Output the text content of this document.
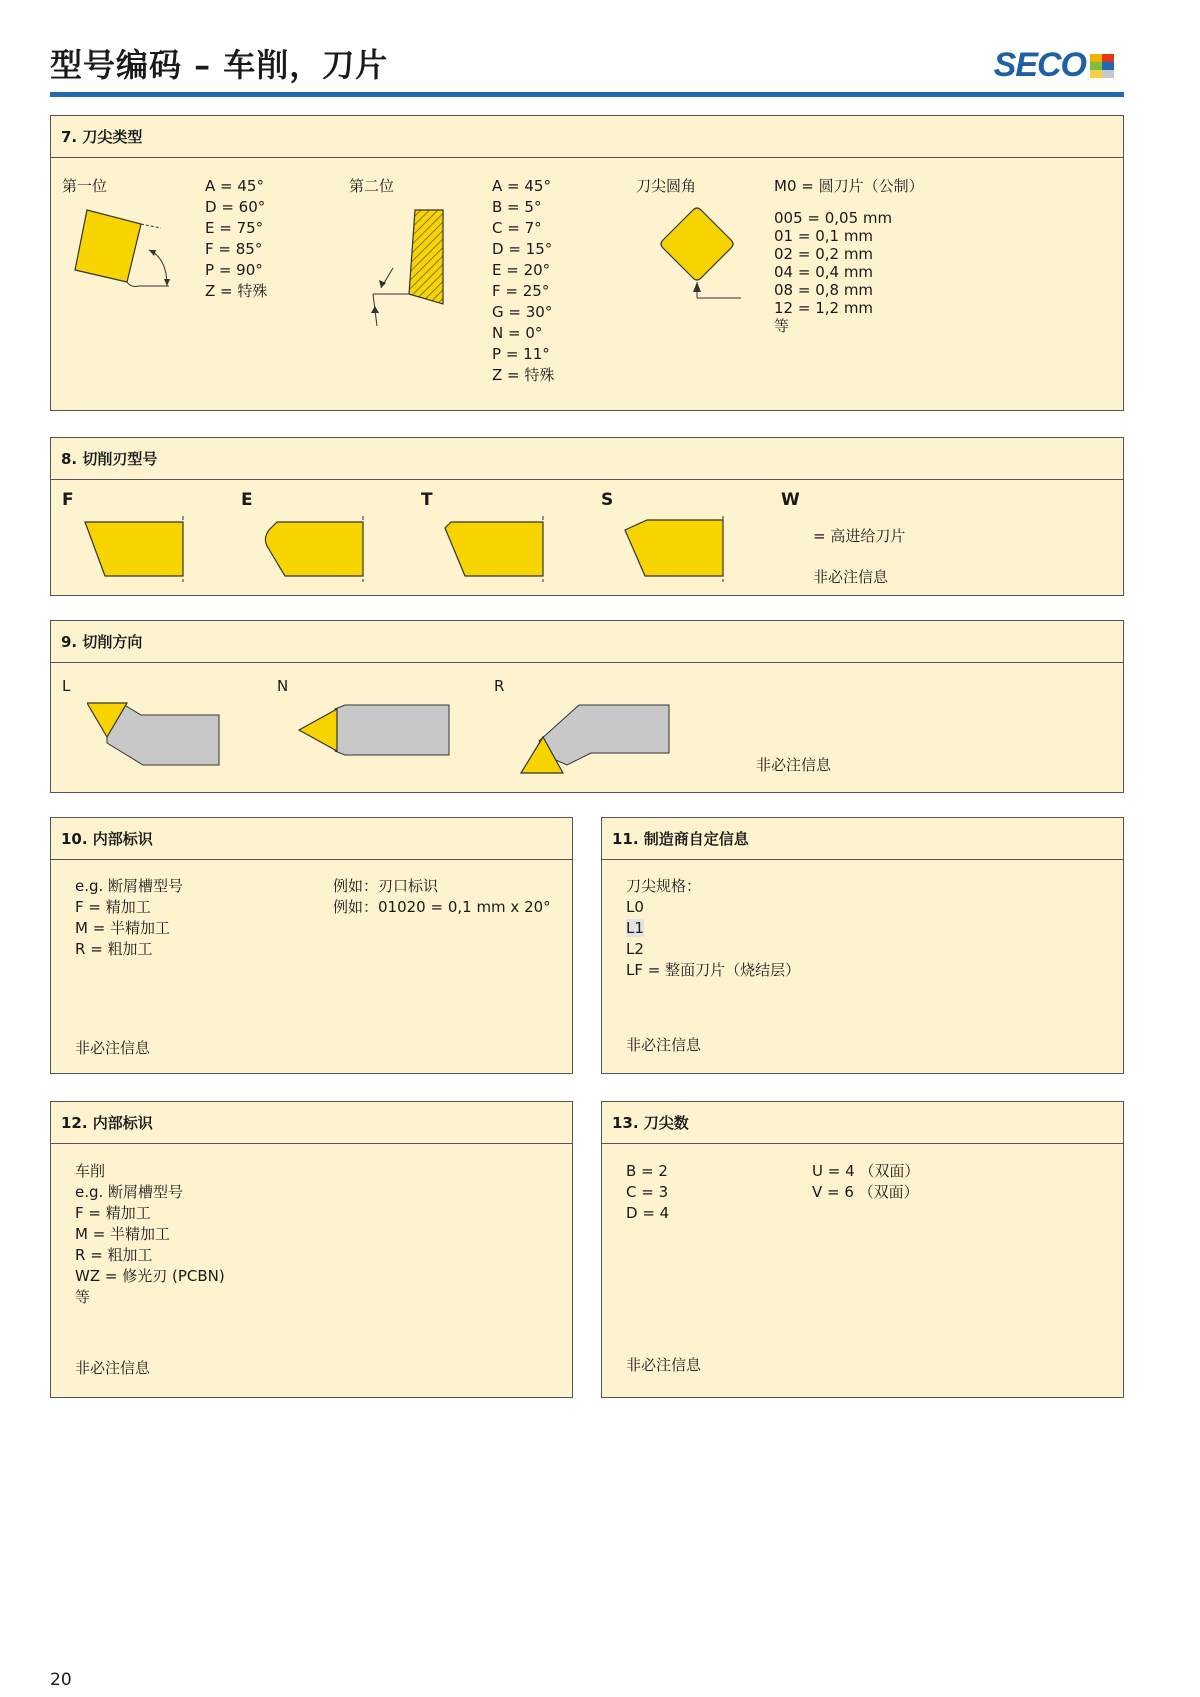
型号编码 – 车削，刀片	SECO
7. 刀尖类型
第一位	A = 45°
D = 60°
E = 75°
F = 85°
P = 90°
Z = 特殊
第二位	A = 45°
B = 5°
C = 7°
D = 15°
E = 20°
F = 25°
G = 30°
N = 0°
P = 11°
Z = 特殊
刀尖圆角	M0 = 圆刀片（公制）
005 = 0,05 mm
01 = 0,1 mm
02 = 0,2 mm
04 = 0,4 mm
08 = 0,8 mm
12 = 1,2 mm
等
8. 切削刃型号
F	E	T	S	W
= 高进给刀片
非必注信息
9. 切削方向
L	N	R
非必注信息
10. 内部标识
e.g. 断屑槽型号
F = 精加工
M = 半精加工
R = 粗加工
例如：刃口标识
例如：01020 = 0,1 mm x 20°
非必注信息
11. 制造商自定信息
刀尖规格：
L0
L1
L2
LF = 整面刀片（烧结层）
非必注信息
12. 内部标识
车削
e.g. 断屑槽型号
F = 精加工
M = 半精加工
R = 粗加工
WZ = 修光刃 (PCBN)
等
非必注信息
13. 刀尖数
B = 2
C = 3
D = 4
U = 4 （双面）
V = 6 （双面）
非必注信息
20
